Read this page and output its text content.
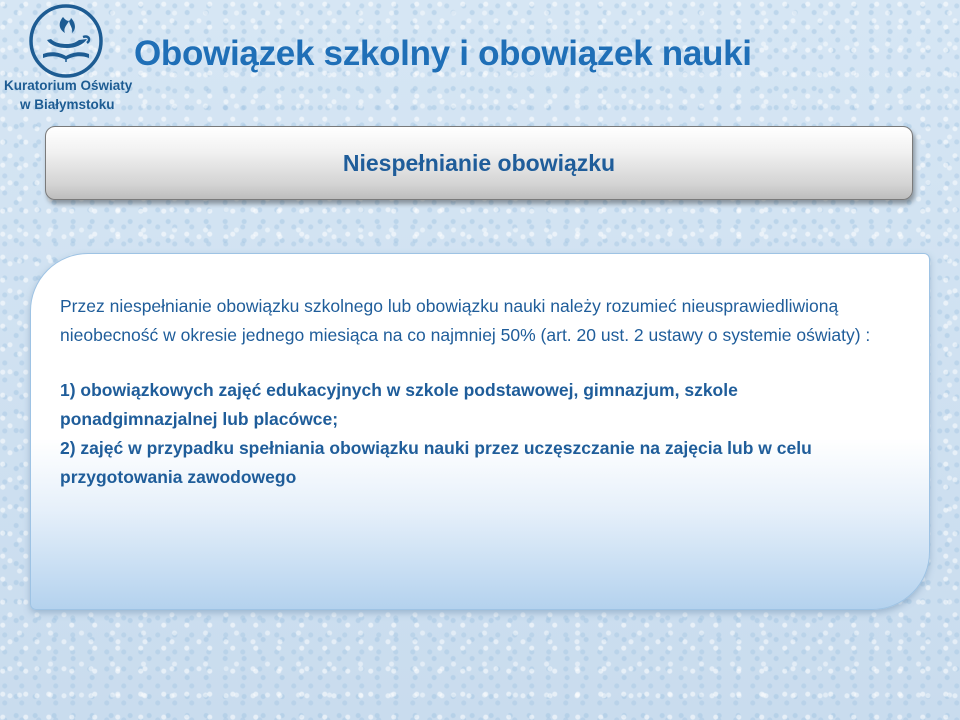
Kuratorium Oświaty
w Białymstoku
Obowiązek szkolny i obowiązek nauki
Niespełnianie obowiązku

Przez niespełnianie obowiązku szkolnego lub obowiązku nauki należy rozumieć nieusprawiedliwioną nieobecność w okresie jednego miesiąca na co najmniej 50% (art. 20 ust. 2 ustawy o systemie oświaty) :

1) obowiązkowych zajęć edukacyjnych w szkole podstawowej, gimnazjum, szkole ponadgimnazjalnej lub placówce;

2) zajęć w przypadku spełniania obowiązku nauki przez uczęszczanie na zajęcia lub w celu przygotowania zawodowego
